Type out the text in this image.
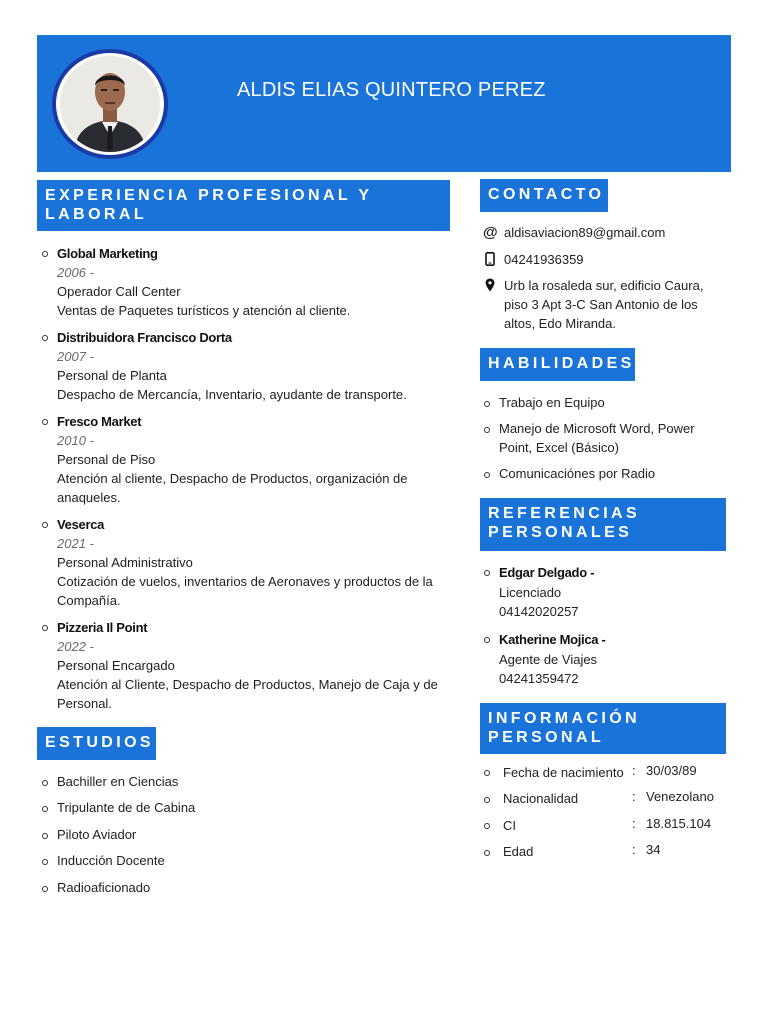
ALDIS ELIAS QUINTERO PEREZ
EXPERIENCIA PROFESIONAL Y LABORAL
Global Marketing
2006 -
Operador Call Center
Ventas de Paquetes turísticos y atención al cliente.
Distribuidora Francisco Dorta
2007 -
Personal de Planta
Despacho de Mercancía, Inventario, ayudante de transporte.
Fresco Market
2010 -
Personal de Piso
Atención al cliente, Despacho de Productos, organización de anaqueles.
Veserca
2021 -
Personal Administrativo
Cotización de vuelos, inventarios de Aeronaves y productos de la Compañía.
Pizzeria Il Point
2022 -
Personal Encargado
Atención al Cliente, Despacho de Productos, Manejo de Caja y de Personal.
ESTUDIOS
Bachiller en Ciencias
Tripulante de de Cabina
Piloto Aviador
Inducción Docente
Radioaficionado
CONTACTO
@ aldisaviacion89@gmail.com
04241936359
Urb la rosaleda sur, edificio Caura, piso 3 Apt 3-C San Antonio de los altos, Edo Miranda.
HABILIDADES
Trabajo en Equipo
Manejo de Microsoft Word, Power Point, Excel (Básico)
Comunicaciónes por Radio
REFERENCIAS PERSONALES
Edgar Delgado -
Licenciado
04142020257
Katherine Mojica -
Agente de Viajes
04241359472
INFORMACIÓN PERSONAL
Fecha de nacimiento : 30/03/89
Nacionalidad	: Venezolano
CI	: 18.815.104
Edad	: 34
